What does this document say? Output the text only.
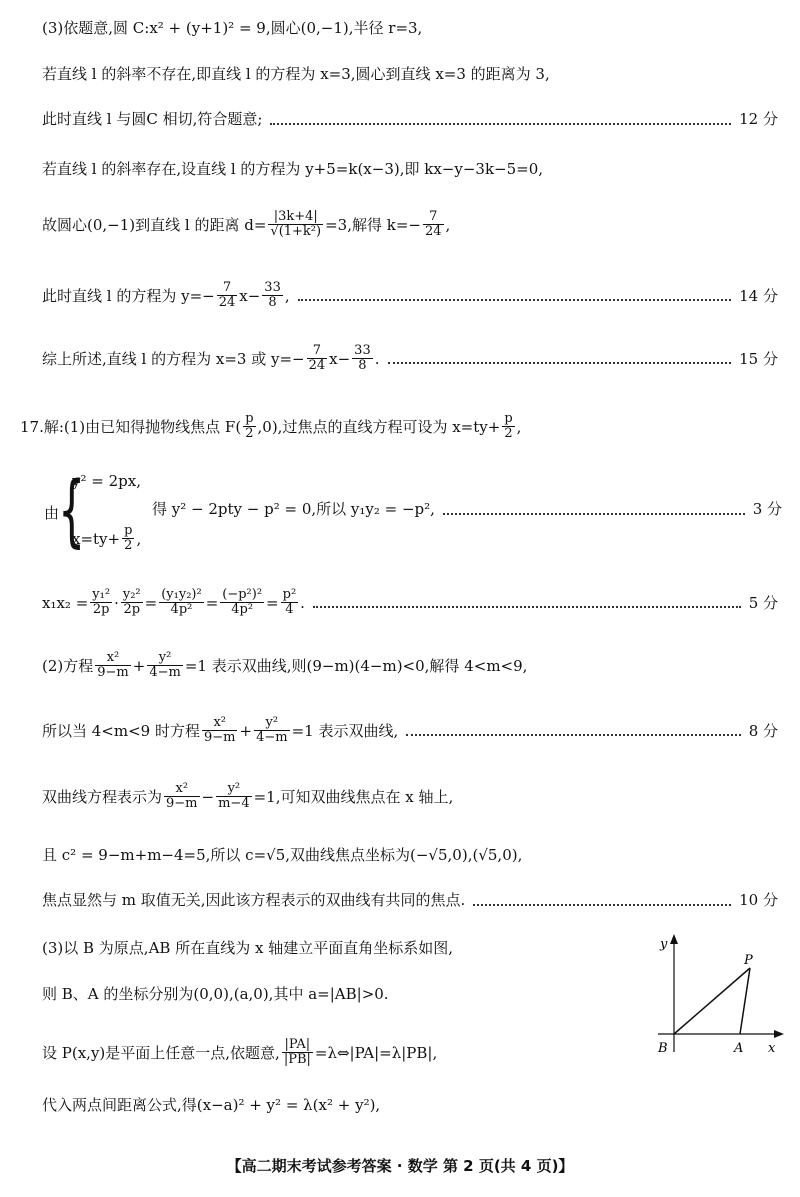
(3)依题意,圆 C:x² + (y+1)² = 9,圆心(0,−1),半径 r=3,
若直线 l 的斜率不存在,即直线 l 的方程为 x=3,圆心到直线 x=3 的距离为 3,
此时直线 l 与圆C 相切,符合题意;	12 分
若直线 l 的斜率存在,设直线 l 的方程为 y+5=k(x−3),即 kx−y−3k−5=0,
故圆心(0,−1)到直线 l 的距离 $d= \frac{|3k+4|}{\text{√(1+k²)}} =3$,解得 $k=- \frac{7}{24}$ ,
此时直线 l 的方程为 $y=- \frac{7}{24} x- \frac{33}{8}$ ,	14 分
综上所述,直线 l 的方程为 x=3 或 $y=- \frac{7}{24} x- \frac{33}{8}$ .	15 分
17.解:(1)由已知得抛物线焦点 $F( \frac{p}{2} ,0)$,过焦点的直线方程可设为 $x=ty+ \frac{p}{2}$ ,
由
{
y² = 2px,
$x=ty+ \frac{p}{2}$ ,
得 y² − 2pty − p² = 0,所以 y₁y₂ = −p²,	3 分
$x_1x_2 = \frac{\text{y₁²}}{2p} \cdot \frac{\text{y₂²}}{2p} = \frac{\text{(y₁y₂)²}}{\text{4p²}} = \frac{\text{(−p²)²}}{\text{4p²}} = \frac{\text{p²}}{4}$ .	5 分
(2)方程 $\frac{\text{x²}}{9-m} + \frac{\text{y²}}{4-m} =1$ 表示双曲线,则(9−m)(4−m)<0,解得 4<m<9,
所以当 4<m<9 时方程 $\frac{\text{x²}}{9-m} + \frac{\text{y²}}{4-m} =1$ 表示双曲线,	8 分
双曲线方程表示为 $\frac{\text{x²}}{9-m} - \frac{\text{y²}}{m-4} =1$,可知双曲线焦点在 x 轴上,
且 c² = 9−m+m−4=5,所以 c=√5,双曲线焦点坐标为(−√5,0),(√5,0),
焦点显然与 m 取值无关,因此该方程表示的双曲线有共同的焦点.	10 分
(3)以 B 为原点,AB 所在直线为 x 轴建立平面直角坐标系如图,
则 B、A 的坐标分别为(0,0),(a,0),其中 a=|AB|>0.
设 P(x,y)是平面上任意一点,依题意, $\frac{|PA|}{|PB|}$ =λ⇔|PA|=λ|PB|,
代入两点间距离公式,得(x−a)² + y² = λ(x² + y²),
y
x
P
B	A
【高二期末考试参考答案 · 数学 第 2 页(共 4 页)】
